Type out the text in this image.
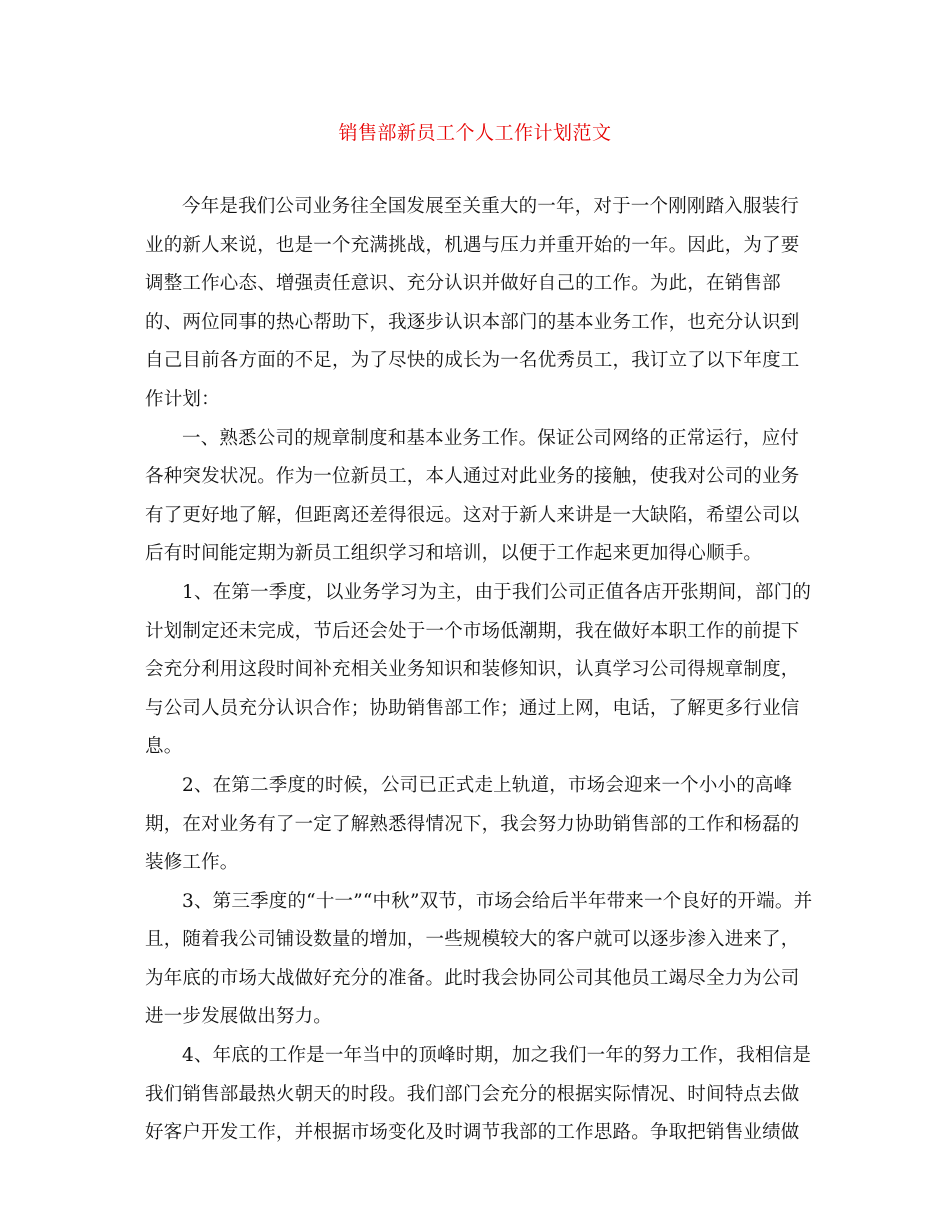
销售部新员工个人工作计划范文
今年是我们公司业务往全国发展至关重大的一年，对于一个刚刚踏入服装行
业的新人来说，也是一个充满挑战，机遇与压力并重开始的一年。因此，为了要
调整工作心态、增强责任意识、充分认识并做好自己的工作。为此，在销售部
的、两位同事的热心帮助下，我逐步认识本部门的基本业务工作，也充分认识到
自己目前各方面的不足，为了尽快的成长为一名优秀员工，我订立了以下年度工
作计划：
一、熟悉公司的规章制度和基本业务工作。保证公司网络的正常运行，应付
各种突发状况。作为一位新员工，本人通过对此业务的接触，使我对公司的业务
有了更好地了解，但距离还差得很远。这对于新人来讲是一大缺陷，希望公司以
后有时间能定期为新员工组织学习和培训，以便于工作起来更加得心顺手。
1、在第一季度，以业务学习为主，由于我们公司正值各店开张期间，部门的
计划制定还未完成，节后还会处于一个市场低潮期，我在做好本职工作的前提下
会充分利用这段时间补充相关业务知识和装修知识，认真学习公司得规章制度，
与公司人员充分认识合作；协助销售部工作；通过上网，电话，了解更多行业信
息。
2、在第二季度的时候，公司已正式走上轨道，市场会迎来一个小小的高峰
期，在对业务有了一定了解熟悉得情况下，我会努力协助销售部的工作和杨磊的
装修工作。
3、第三季度的“十一”“中秋”双节，市场会给后半年带来一个良好的开端。并
且，随着我公司铺设数量的增加，一些规模较大的客户就可以逐步渗入进来了，
为年底的市场大战做好充分的准备。此时我会协同公司其他员工竭尽全力为公司
进一步发展做出努力。
4、年底的工作是一年当中的顶峰时期，加之我们一年的努力工作，我相信是
我们销售部最热火朝天的时段。我们部门会充分的根据实际情况、时间特点去做
好客户开发工作，并根据市场变化及时调节我部的工作思路。争取把销售业绩做
